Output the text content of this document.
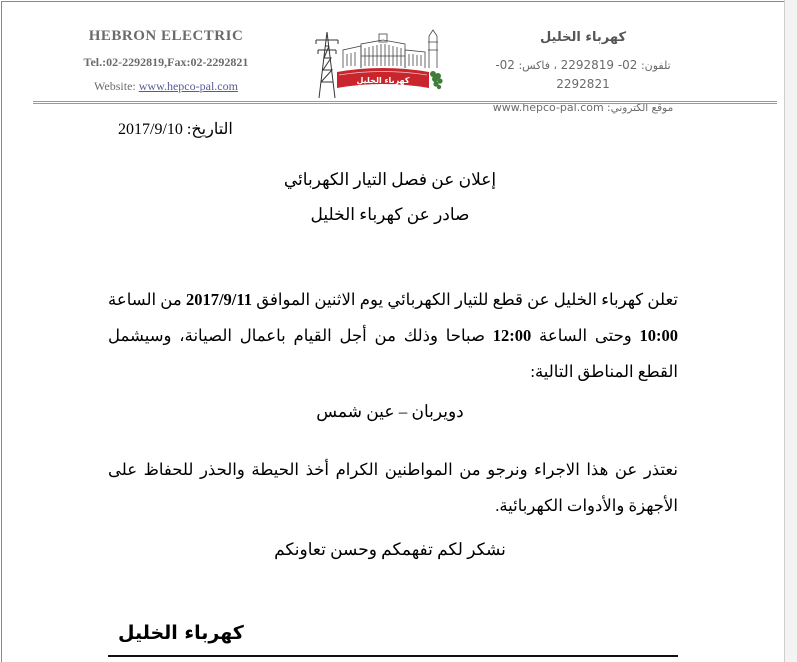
HEBRON ELECTRIC
Tel.:02-2292819,Fax:02-2292821
Website: www.hepco-pal.com	كهرباء الخليل
كهرباء الخليل
تلفون: 02- 2292819 ، فاكس: 02- 2292821
موقع الكتروني: www.hepco-pal.com
التاريخ: 2017/9/10
إعلان عن فصل التيار الكهربائي
صادر عن كهرباء الخليل
تعلن كهرباء الخليل عن قطع للتيار الكهربائي يوم الاثنين الموافق 2017/9/11 من الساعة 10:00 وحتى الساعة 12:00 صباحا وذلك من أجل القيام باعمال الصيانة، وسيشمل القطع المناطق التالية:
دويربان – عين شمس
نعتذر عن هذا الاجراء ونرجو من المواطنين الكرام أخذ الحيطة والحذر للحفاظ على الأجهزة والأدوات الكهربائية.
نشكر لكم تفهمكم وحسن تعاونكم
كهرباء الخليل
